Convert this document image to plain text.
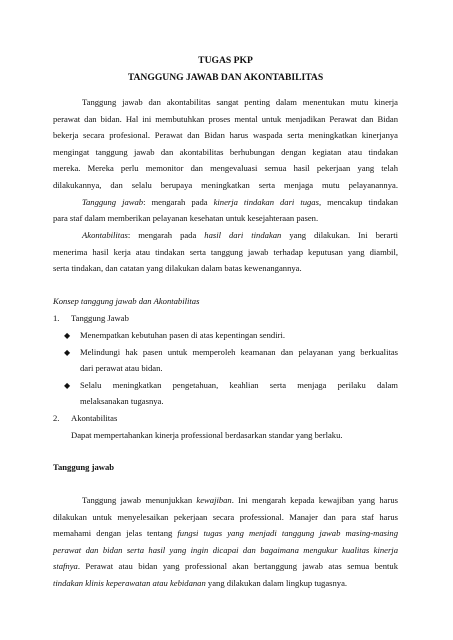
TUGAS PKP
TANGGUNG JAWAB DAN AKONTABILITAS
Tanggung jawab dan akontabilitas sangat penting dalam menentukan mutu kinerja
perawat dan bidan. Hal ini membutuhkan proses mental untuk menjadikan Perawat dan Bidan
bekerja secara profesional. Perawat dan Bidan harus waspada serta meningkatkan kinerjanya
mengingat tanggung jawab dan akontabilitas berhubungan dengan kegiatan atau tindakan
mereka. Mereka perlu memonitor dan mengevaluasi semua hasil pekerjaan yang telah
dilakukannya, dan selalu berupaya meningkatkan serta menjaga mutu pelayanannya.
Tanggung jawab: mengarah pada kinerja tindakan dari tugas, mencakup tindakan
para staf dalam memberikan pelayanan kesehatan untuk kesejahteraan pasen.
Akontabilitas: mengarah pada hasil dari tindakan yang dilakukan. Ini berarti
menerima hasil kerja atau tindakan serta tanggung jawab terhadap keputusan yang diambil,
serta tindakan, dan catatan yang dilakukan dalam batas kewenangannya.
Konsep tanggung jawab dan Akontabilitas
1. Tanggung Jawab
◆ Menempatkan kebutuhan pasen di atas kepentingan sendiri.
◆ Melindungi hak pasen untuk memperoleh keamanan dan pelayanan yang berkualitas
dari perawat atau bidan.
◆ Selalu meningkatkan pengetahuan, keahlian serta menjaga perilaku dalam
melaksanakan tugasnya.
2. Akontabilitas
Dapat mempertahankan kinerja professional berdasarkan standar yang berlaku.
Tanggung jawab
Tanggung jawab menunjukkan kewajiban. Ini mengarah kepada kewajiban yang harus
dilakukan untuk menyelesaikan pekerjaan secara professional. Manajer dan para staf harus
memahami dengan jelas tentang fungsi tugas yang menjadi tanggung jawab masing-masing
perawat dan bidan serta hasil yang ingin dicapai dan bagaimana mengukur kualitas kinerja
stafnya. Perawat atau bidan yang professional akan bertanggung jawab atas semua bentuk
tindakan klinis keperawatan atau kebidanan yang dilakukan dalam lingkup tugasnya.
